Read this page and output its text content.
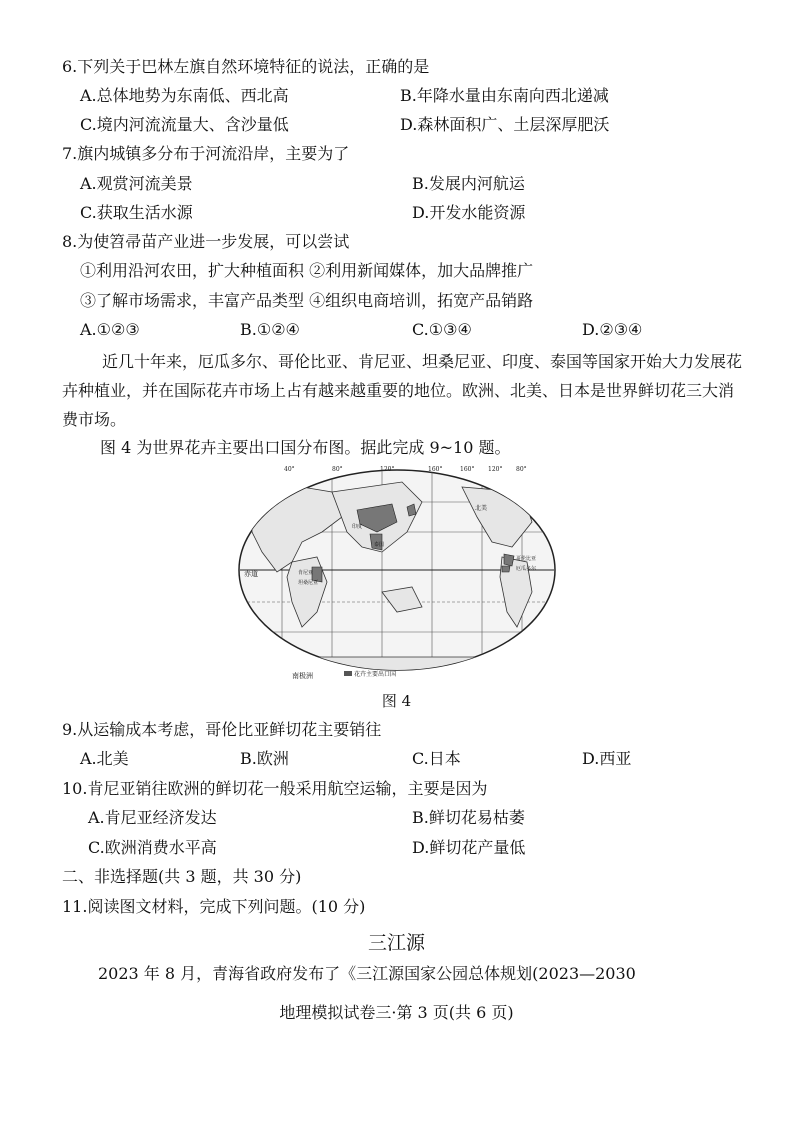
6.下列关于巴林左旗自然环境特征的说法，正确的是
A.总体地势为东南低、西北高	B.年降水量由东南向西北递减
C.境内河流流量大、含沙量低	D.森林面积广、土层深厚肥沃
7.旗内城镇多分布于河流沿岸，主要为了
A.观赏河流美景	B.发展内河航运
C.获取生活水源	D.开发水能资源
8.为使笤帚苗产业进一步发展，可以尝试
①利用沿河农田，扩大种植面积 ②利用新闻媒体，加大品牌推广
③了解市场需求，丰富产品类型 ④组织电商培训，拓宽产品销路
A.①②③	B.①②④	C.①③④	D.②③④
近几十年来，厄瓜多尔、哥伦比亚、肯尼亚、坦桑尼亚、印度、泰国等国家开始大力发展花卉种植业，并在国际花卉市场上占有越来越重要的地位。欧洲、北美、日本是世界鲜切花三大消费市场。
图 4 为世界花卉主要出口国分布图。据此完成 9~10 题。
40°	80°	120°	160°	160° 120° 80°
赤道
南极洲
北美
肯尼亚
坦桑尼亚
哥伦比亚
厄瓜多尔
印度
泰国
花卉主要出口国
图 4
9.从运输成本考虑，哥伦比亚鲜切花主要销往
A.北美	B.欧洲	C.日本	D.西亚
10.肯尼亚销往欧洲的鲜切花一般采用航空运输，主要是因为
A.肯尼亚经济发达	B.鲜切花易枯萎
C.欧洲消费水平高	D.鲜切花产量低
二、非选择题(共 3 题，共 30 分)
11.阅读图文材料，完成下列问题。(10 分)
三江源
2023 年 8 月，青海省政府发布了《三江源国家公园总体规划(2023—2030
地理模拟试卷三·第 3 页(共 6 页)
